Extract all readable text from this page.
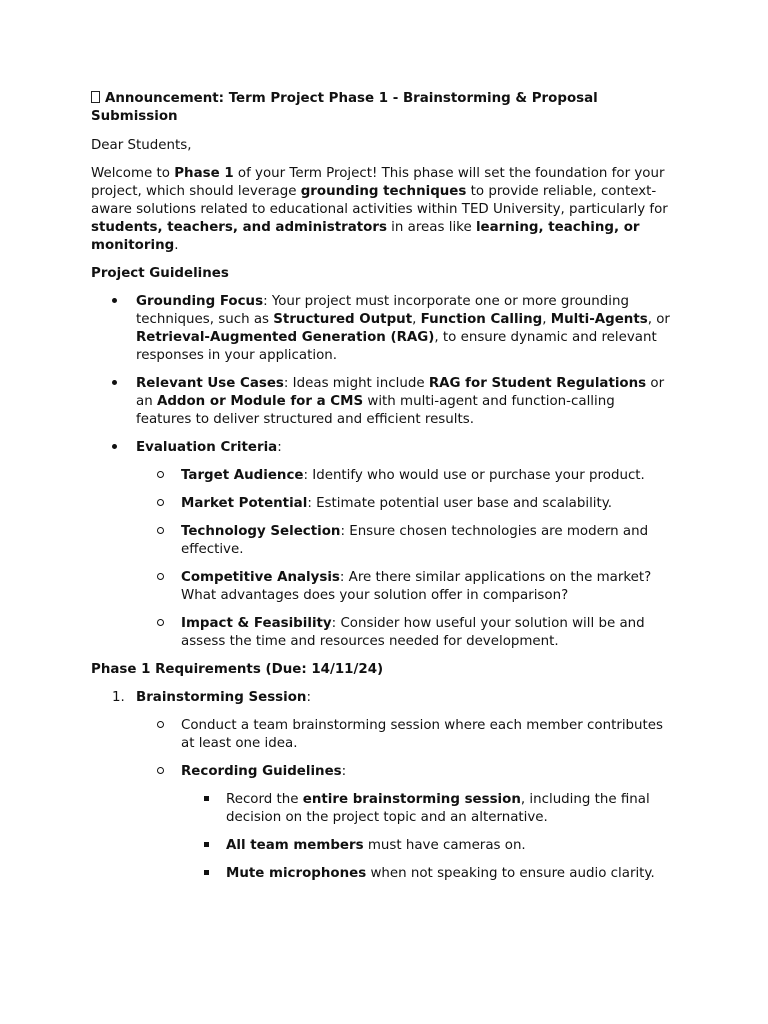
Announcement: Term Project Phase 1 - Brainstorming & Proposal Submission

Dear Students,

Welcome to Phase 1 of your Term Project! This phase will set the foundation for your project, which should leverage grounding techniques to provide reliable, context-aware solutions related to educational activities within TED University, particularly for students, teachers, and administrators in areas like learning, teaching, or monitoring.

Project Guidelines

Grounding Focus: Your project must incorporate one or more grounding techniques, such as Structured Output, Function Calling, Multi-Agents, or Retrieval-Augmented Generation (RAG), to ensure dynamic and relevant responses in your application.
Relevant Use Cases: Ideas might include RAG for Student Regulations or an Addon or Module for a CMS with multi-agent and function-calling features to deliver structured and efficient results.
Evaluation Criteria:
Target Audience: Identify who would use or purchase your product.
Market Potential: Estimate potential user base and scalability.
Technology Selection: Ensure chosen technologies are modern and effective.
Competitive Analysis: Are there similar applications on the market? What advantages does your solution offer in comparison?
Impact & Feasibility: Consider how useful your solution will be and assess the time and resources needed for development.

Phase 1 Requirements (Due: 14/11/24)

1. Brainstorming Session:
Conduct a team brainstorming session where each member contributes at least one idea.
Recording Guidelines:
Record the entire brainstorming session, including the final decision on the project topic and an alternative.
All team members must have cameras on.
Mute microphones when not speaking to ensure audio clarity.
